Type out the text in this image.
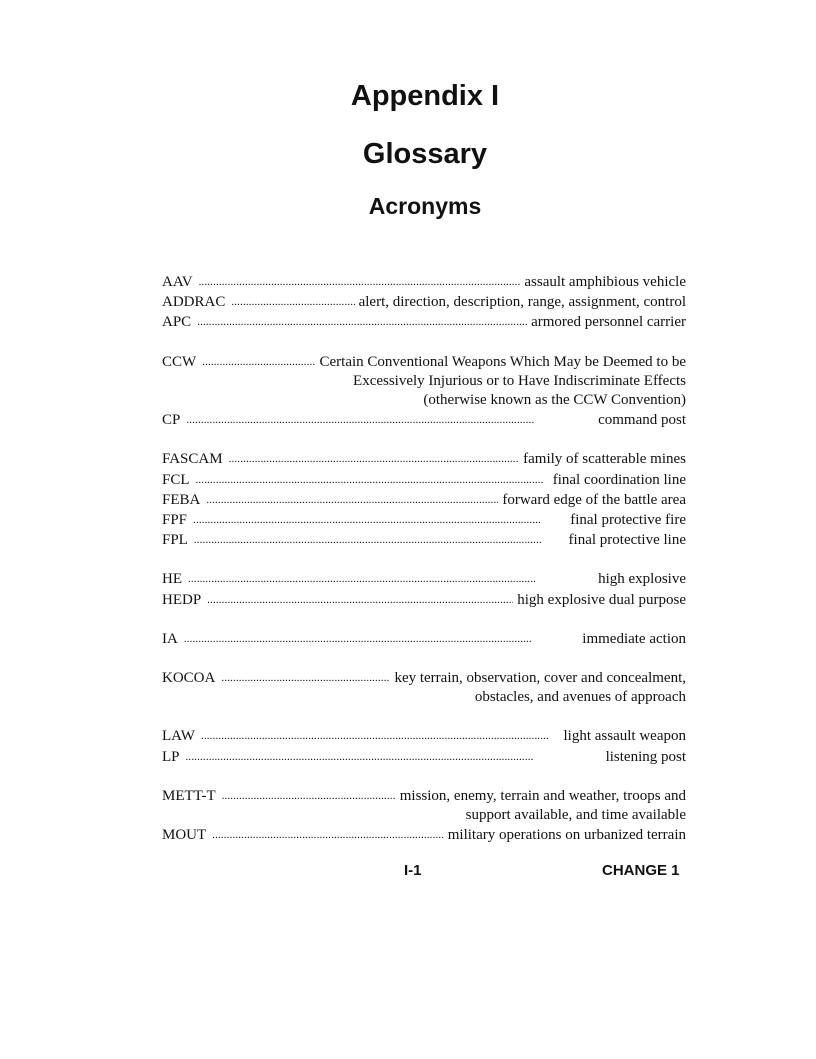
Appendix I
Glossary
Acronyms
AAV . . .	assault amphibious vehicle
ADDRAC . . .	alert, direction, description, range, assignment, control
APC . . .	armored personnel carrier
CCW . . .	Certain Conventional Weapons Which May be Deemed to be
Excessively Injurious or to Have Indiscriminate Effects
(otherwise known as the CCW Convention)
CP . . .	command post
FASCAM . . .	family of scatterable mines
FCL . . .	final coordination line
FEBA . . .	forward edge of the battle area
FPF . . .	final protective fire
FPL . . .	final protective line
HE . . .	high explosive
HEDP . . .	high explosive dual purpose
IA . . .	immediate action
KOCOA . . .	key terrain, observation, cover and concealment,
obstacles, and avenues of approach
LAW . . .	light assault weapon
LP . . .	listening post
METT-T . . .	mission, enemy, terrain and weather, troops and
support available, and time available
MOUT . . .	military operations on urbanized terrain
I-1	CHANGE 1
